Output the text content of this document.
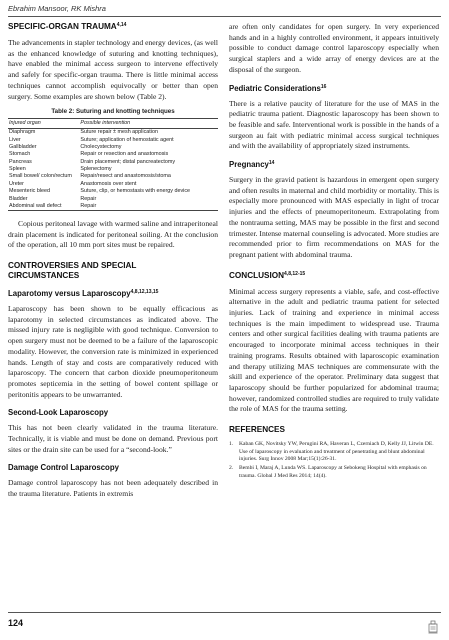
Ebrahim Mansoor, RK Mishra
SPECIFIC-ORGAN TRAUMA$^{4,14}$

The advancements in stapler technology and energy devices, (as well as the enhanced knowledge of suturing and knotting techniques), have enabled the minimal access surgeon to intervene effectively and safely for specific-organ trauma. There is little minimal access techniques cannot accomplish equivocally or better than open surgery. Some examples are shown below (Table 2).

Table 2: Suturing and knotting techniques
Injured organ	Possible intervention
Diaphragm	Suture repair ± mesh application
Liver	Suture; application of hemostatic agent
Gallbladder	Cholecystectomy
Stomach	Repair or resection and anastomosis
Pancreas	Drain placement; distal pancreatectomy
Spleen	Splenectomy
Small bowel/ colon/rectum	Repair/resect and anastomosis/stoma
Ureter	Anastomosis over stent
Mesenteric bleed	Suture, clip, or hemostasis with energy device
Bladder	Repair
Abdominal wall defect	Repair

Copious peritoneal lavage with warmed saline and intraperitoneal drain placement is indicated for peritoneal soiling. At the conclusion of the operation, all 10 mm port sites must be repaired.

CONTROVERSIES AND SPECIAL
CIRCUMSTANCES
Laparotomy versus Laparoscopy$^{4,8,12,13,15}$

Laparoscopy has been shown to be equally efficacious as laparotomy in selected circumstances as indicated above. The missed injury rate is negligible with good technique. Conversion to open surgery must not be deemed to be a failure of the laparoscopic modality. However, the conversion rate is minimized in experienced hands. Length of stay and costs are comparatively reduced with laparoscopy. The concern that carbon dioxide pneumoperitoneum promotes septicemia in the setting of bowel content spillage or peritonitis appears to be unwarranted.

Second-Look Laparoscopy

This has not been clearly validated in the trauma literature. Technically, it is viable and must be done on demand. Previous port sites or the drain site can be used for a “second-look.”

Damage Control Laparoscopy

Damage control laparoscopy has not been adequately described in the trauma literature. Patients in extremis

are often only candidates for open surgery. In very experienced hands and in a highly controlled environment, it appears intuitively possible to conduct damage control laparoscopy especially when surgical staplers and a wide array of energy devices are at the disposal of the surgeon.

Pediatric Considerations$^{16}$

There is a relative paucity of literature for the use of MAS in the pediatric trauma patient. Diagnostic laparoscopy has been shown to be feasible and safe. Interventional work is possible in the hands of a surgeon au fait with pediatric minimal access surgical techniques and with the availability of appropriately sized instruments.

Pregnancy$^{14}$

Surgery in the gravid patient is hazardous in emergent open surgery and often results in maternal and child morbidity or mortality. This is especially more pronounced with MAS especially in light of trocar injuries and the effects of pneumoperitoneum. Extrapolating from the nontrauma setting, MAS may be possible in the first and second trimester. Intense maternal counseling is advocated. More studies are recommended prior to firm recommendations on MAS for the pregnant patient with abdominal trauma.

CONCLUSION$^{4,8,12-15}$

Minimal access surgery represents a viable, safe, and cost-effective alternative in the adult and pediatric trauma patient for selected injuries. Lack of training and experience in minimal access techniques is the main impediment to widespread use. Trauma centers and other surgical facilities dealing with trauma patients are encouraged to incorporate minimal access techniques in their training programs. Results obtained with laparoscopic examination and therapy utilizing MAS techniques are commensurate with the skill and experience of the operator. Preliminary data suggest that laparoscopy should be further popularized for abdominal trauma; however, randomized controlled studies are required to truly validate the role of MAS for the trauma setting.

REFERENCES
1.	Kaban GK, Novitsky YW, Perugini RA, Haveran L, Czerniach D, Kelly JJ, Litwin DE. Use of laparoscopy in evaluation and treatment of penetrating and blunt abdominal injuries. Surg Innov 2008 Mar;15(1):26-31.
2.	Bembi I, Maraj A, Lunda WS. Laparoscopy at Sebokeng Hospital with emphasis on trauma. Global J Med Res 2014; 14(4).
124
